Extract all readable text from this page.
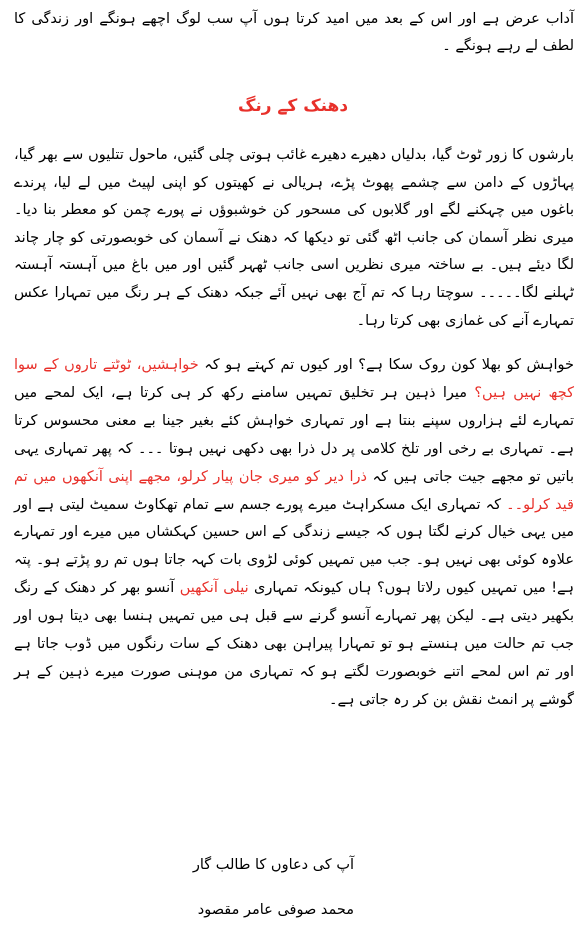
آداب عرض ہے اور اس کے بعد میں امید کرتا ہوں آپ سب لوگ اچھے ہونگے اور زندگی کا لطف لے رہے ہونگے ۔

دھنک کے رنگ

بارشوں کا زور ٹوٹ گیا، بدلیاں دھیرے دھیرے غائب ہوتی چلی گئیں، ماحول تتلیوں سے بھر گیا، پہاڑوں کے دامن سے چشمے پھوٹ پڑے، ہریالی نے کھیتوں کو اپنی لپیٹ میں لے لیا، پرندے باغوں میں چہکنے لگے اور گلابوں کی مسحور کن خوشبوؤں نے پورے چمن کو معطر بنا دیا۔ میری نظر آسمان کی جانب اٹھ گئی تو دیکھا کہ دھنک نے آسمان کی خوبصورتی کو چار چاند لگا دیئے ہیں۔ بے ساختہ میری نظریں اسی جانب ٹھہر گئیں اور میں باغ میں آہستہ آہستہ ٹہلنے لگا۔۔۔۔۔ سوچتا رہا کہ تم آج بھی نہیں آئے جبکہ دھنک کے ہر رنگ میں تمہارا عکس تمہارے آنے کی غمازی بھی کرتا رہا۔

خواہش کو بھلا کون روک سکا ہے؟ اور کیوں تم کہتے ہو کہ خواہشیں، ٹوٹتے تاروں کے سوا کچھ نہیں ہیں؟ میرا ذہین ہر تخلیق تمہیں سامنے رکھ کر ہی کرتا ہے، ایک لمحے میں تمہارے لئے ہزاروں سپنے بنتا ہے اور تمہاری خواہش کئے بغیر جینا بے معنی محسوس کرتا ہے۔ تمہاری بے رخی اور تلخ کلامی پر دل ذرا بھی دکھی نہیں ہوتا ۔۔۔ کہ پھر تمہاری یہی باتیں تو مجھے جیت جاتی ہیں کہ ذرا دیر کو میری جان پیار کرلو، مجھے اپنی آنکھوں میں تم قید کرلو۔۔ کہ تمہاری ایک مسکراہٹ میرے پورے جسم سے تمام تھکاوٹ سمیٹ لیتی ہے اور میں یہی خیال کرنے لگتا ہوں کہ جیسے زندگی کے اس حسین کہکشاں میں میرے اور تمہارے علاوہ کوئی بھی نہیں ہو۔ جب میں تمہیں کوئی لڑوی بات کہہ جاتا ہوں تم رو پڑتے ہو۔ پتہ ہے! میں تمہیں کیوں رلاتا ہوں؟ ہاں کیونکہ تمہاری نیلی آنکھیں آنسو بھر کر دھنک کے رنگ بکھیر دیتی ہے۔ لیکن پھر تمہارے آنسو گرنے سے قبل ہی میں تمہیں ہنسا بھی دیتا ہوں اور جب تم حالت میں ہنستے ہو تو تمہارا پیراہن بھی دھنک کے سات رنگوں میں ڈوب جاتا ہے اور تم اس لمحے اتنے خوبصورت لگتے ہو کہ تمہاری من موہنی صورت میرے ذہین کے ہر گوشے پر انمٹ نقش بن کر رہ جاتی ہے۔

آپ کی دعاوں کا طالب گار

محمد صوفی عامر مقصود
